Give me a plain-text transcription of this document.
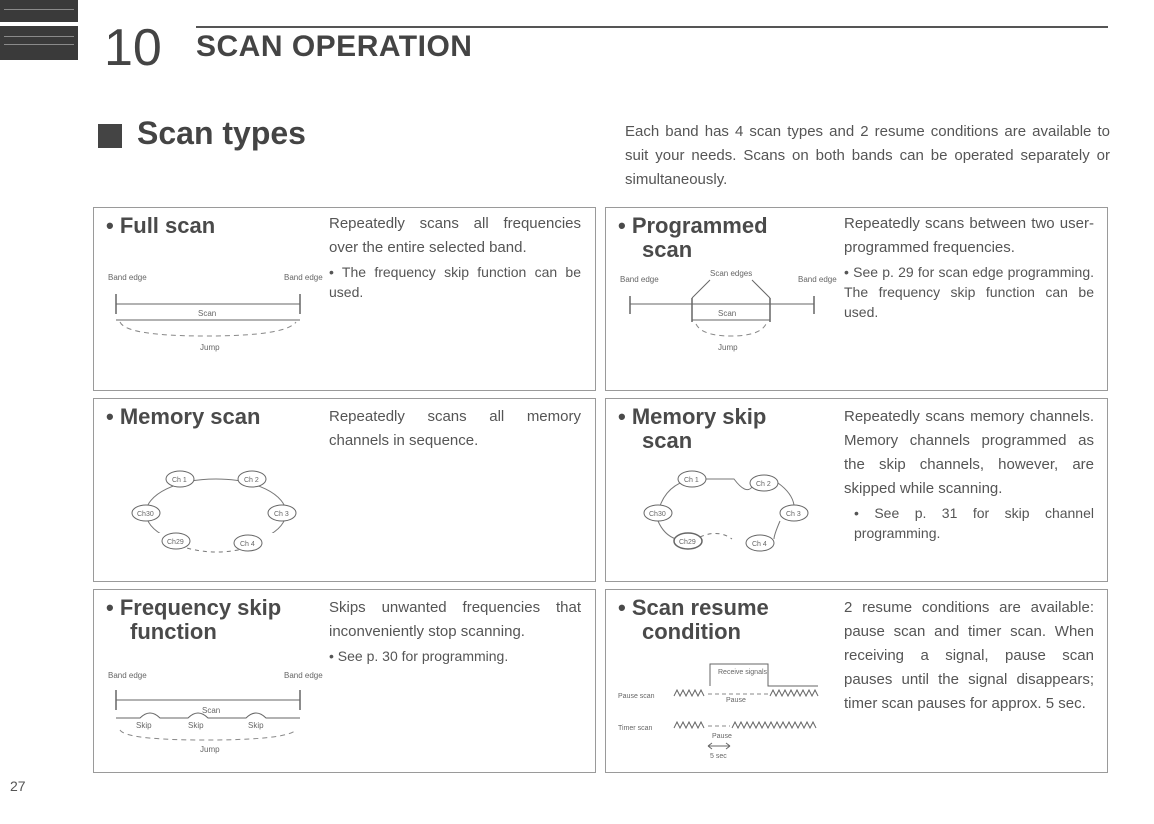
10 SCAN OPERATION
Scan types	Each band has 4 scan types and 2 resume conditions are available to suit your needs. Scans on both bands can be operated separately or simultaneously.
• Full scan	Repeatedly scans all frequencies over the entire selected band.
• The frequency skip function can be used.
Band edge	Band edge
Scan
Jump
• Programmed
scan
Repeatedly scans between two user-programmed frequencies.
• See p. 29 for scan edge programming. The frequency skip function can be used.
Band edge	Band edge
Scan edges
Scan
Jump
• Memory scan	Repeatedly scans all memory channels in sequence.
Ch 1	Ch 2
Ch 3
Ch 4
Ch29
Ch30
• Memory skip
scan
Repeatedly scans memory channels. Memory channels programmed as the skip channels, however, are skipped while scanning.
• See p. 31 for skip channel programming.
Ch 1
Ch 2
Ch 3
Ch 4
Ch29
Ch30
• Frequency skip
function
Skips unwanted frequencies that inconveniently stop scanning.
• See p. 30 for programming.
Band edge	Band edge
Scan
Skip	Skip	Skip
Jump
• Scan resume
condition
2 resume conditions are available: pause scan and timer scan. When receiving a signal, pause scan pauses until the signal disappears; timer scan pauses for approx. 5 sec.
Receive signals
Pause scan
Pause
Timer scan
Pause
5 sec
27
